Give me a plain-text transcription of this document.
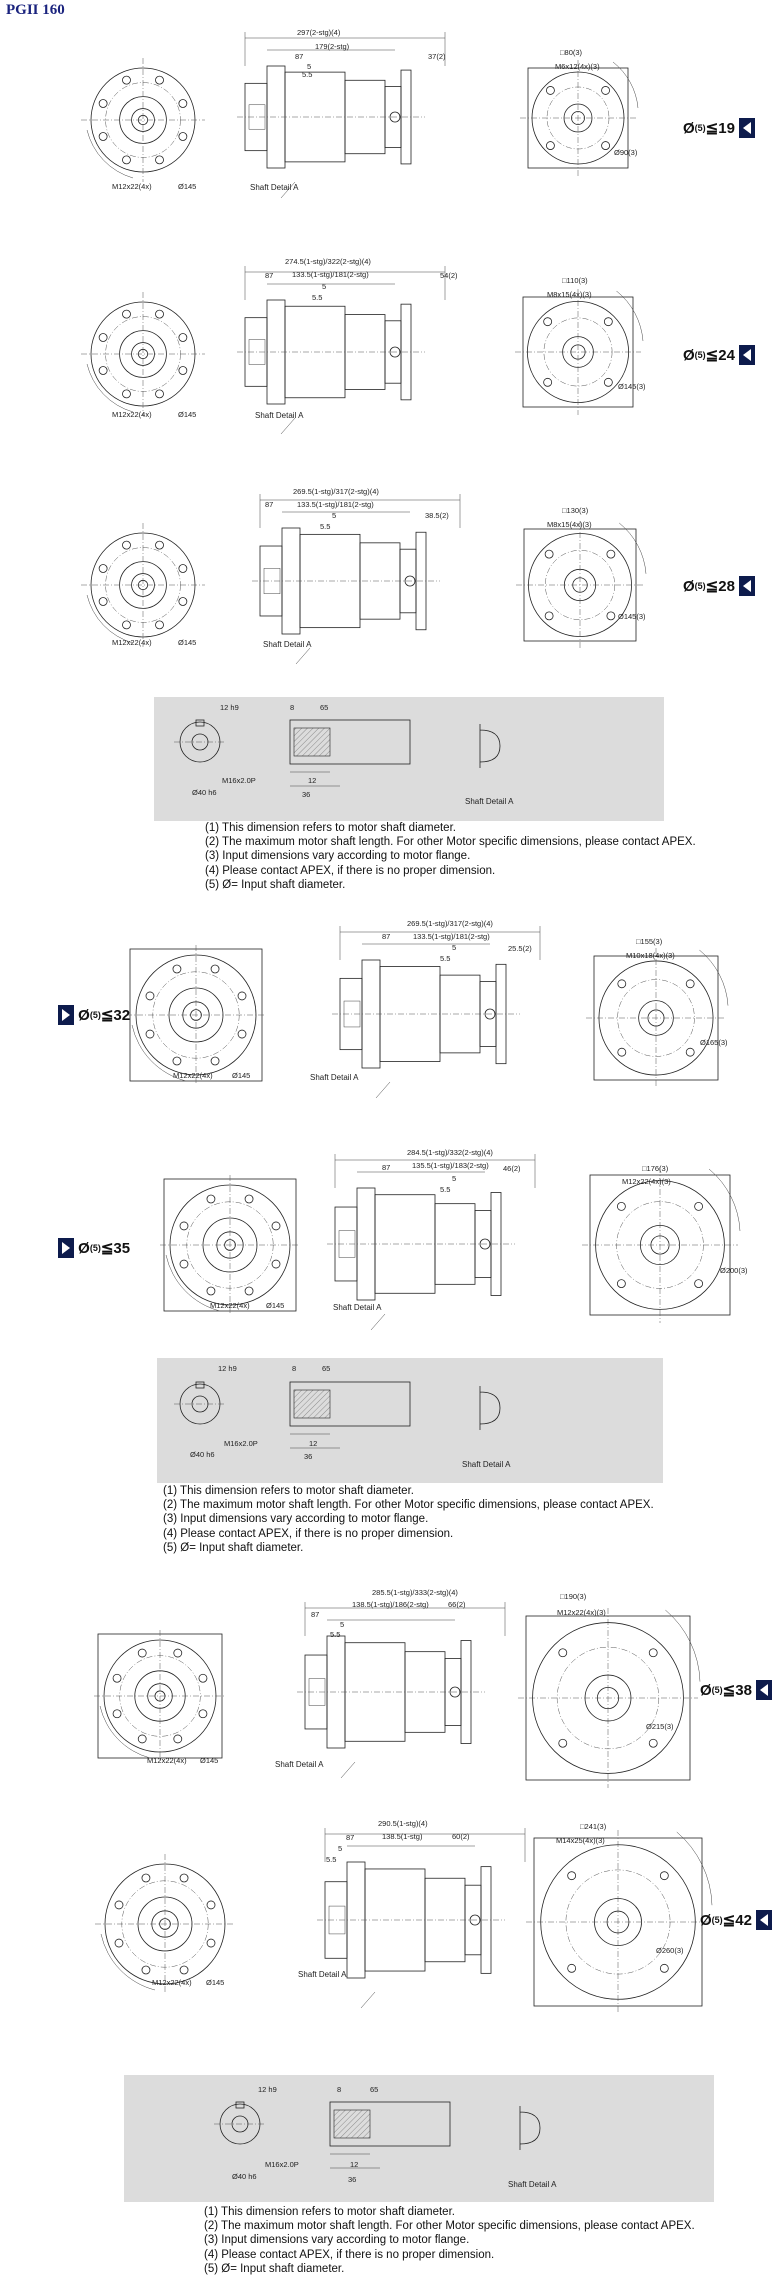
PGII 160
Ø (5) ≦ 19

297(2-stg)(4)
179(2-stg)
87
5
5.5
37(2)
Shaft Detail A
M12x22(4x)	Ø145
□80(3)
M6x12(4x)(3)
Ø90(3)
Ø (5) ≦ 24

274.5(1-stg)/322(2-stg)(4)
133.5(1-stg)/181(2-stg)
87
5
5.5
54(2)
Shaft Detail A
M12x22(4x)	Ø145
□110(3)
M8x15(4x)(3)
Ø145(3)
Ø (5) ≦ 28

269.5(1-stg)/317(2-stg)(4)
133.5(1-stg)/181(2-stg)
87
5
5.5
38.5(2)
Shaft Detail A
M12x22(4x)	Ø145
□130(3)
M8x15(4x)(3)
Ø145(3)
12 h9
M16x2.0P
Ø40 h6
8	65
12
36
Shaft Detail A
(1) This dimension refers to motor shaft diameter.
(2) The maximum motor shaft length. For other Motor specific dimensions, please contact APEX.
(3) Input dimensions vary according to motor flange.
(4) Please contact APEX, if there is no proper dimension.
(5) Ø= Input shaft diameter.

Ø (5) ≦ 32
269.5(1-stg)/317(2-stg)(4)
133.5(1-stg)/181(2-stg)
87
5
5.5
25.5(2)
Shaft Detail A
M12x22(4x)	Ø145
□155(3)
M10x18(4x)(3)
Ø165(3)

Ø (5) ≦ 35
284.5(1-stg)/332(2-stg)(4)
135.5(1-stg)/183(2-stg)
87
5
5.5
46(2)
Shaft Detail A
M12x22(4x) Ø145
□176(3)
M12x22(4x)(3)
Ø200(3)
12 h9
M16x2.0P
Ø40 h6
8	65
12
36
Shaft Detail A
(1) This dimension refers to motor shaft diameter.
(2) The maximum motor shaft length. For other Motor specific dimensions, please contact APEX.
(3) Input dimensions vary according to motor flange.
(4) Please contact APEX, if there is no proper dimension.
(5) Ø= Input shaft diameter.
Ø (5) ≦ 38

285.5(1-stg)/333(2-stg)(4)
138.5(1-stg)/186(2-stg)
87
5
5.5
66(2)
Shaft Detail A
M12x22(4x) Ø145
□190(3)
M12x22(4x)(3)
Ø215(3)
Ø (5) ≦ 42

290.5(1-stg)(4)
138.5(1-stg)
87
5
5.5
60(2)
Shaft Detail A
M12x22(4x) Ø145
□241(3)
M14x25(4x)(3)
Ø260(3)
12 h9
M16x2.0P
Ø40 h6
8	65
12
36
Shaft Detail A
(1) This dimension refers to motor shaft diameter.
(2) The maximum motor shaft length. For other Motor specific dimensions, please contact APEX.
(3) Input dimensions vary according to motor flange.
(4) Please contact APEX, if there is no proper dimension.
(5) Ø= Input shaft diameter.
